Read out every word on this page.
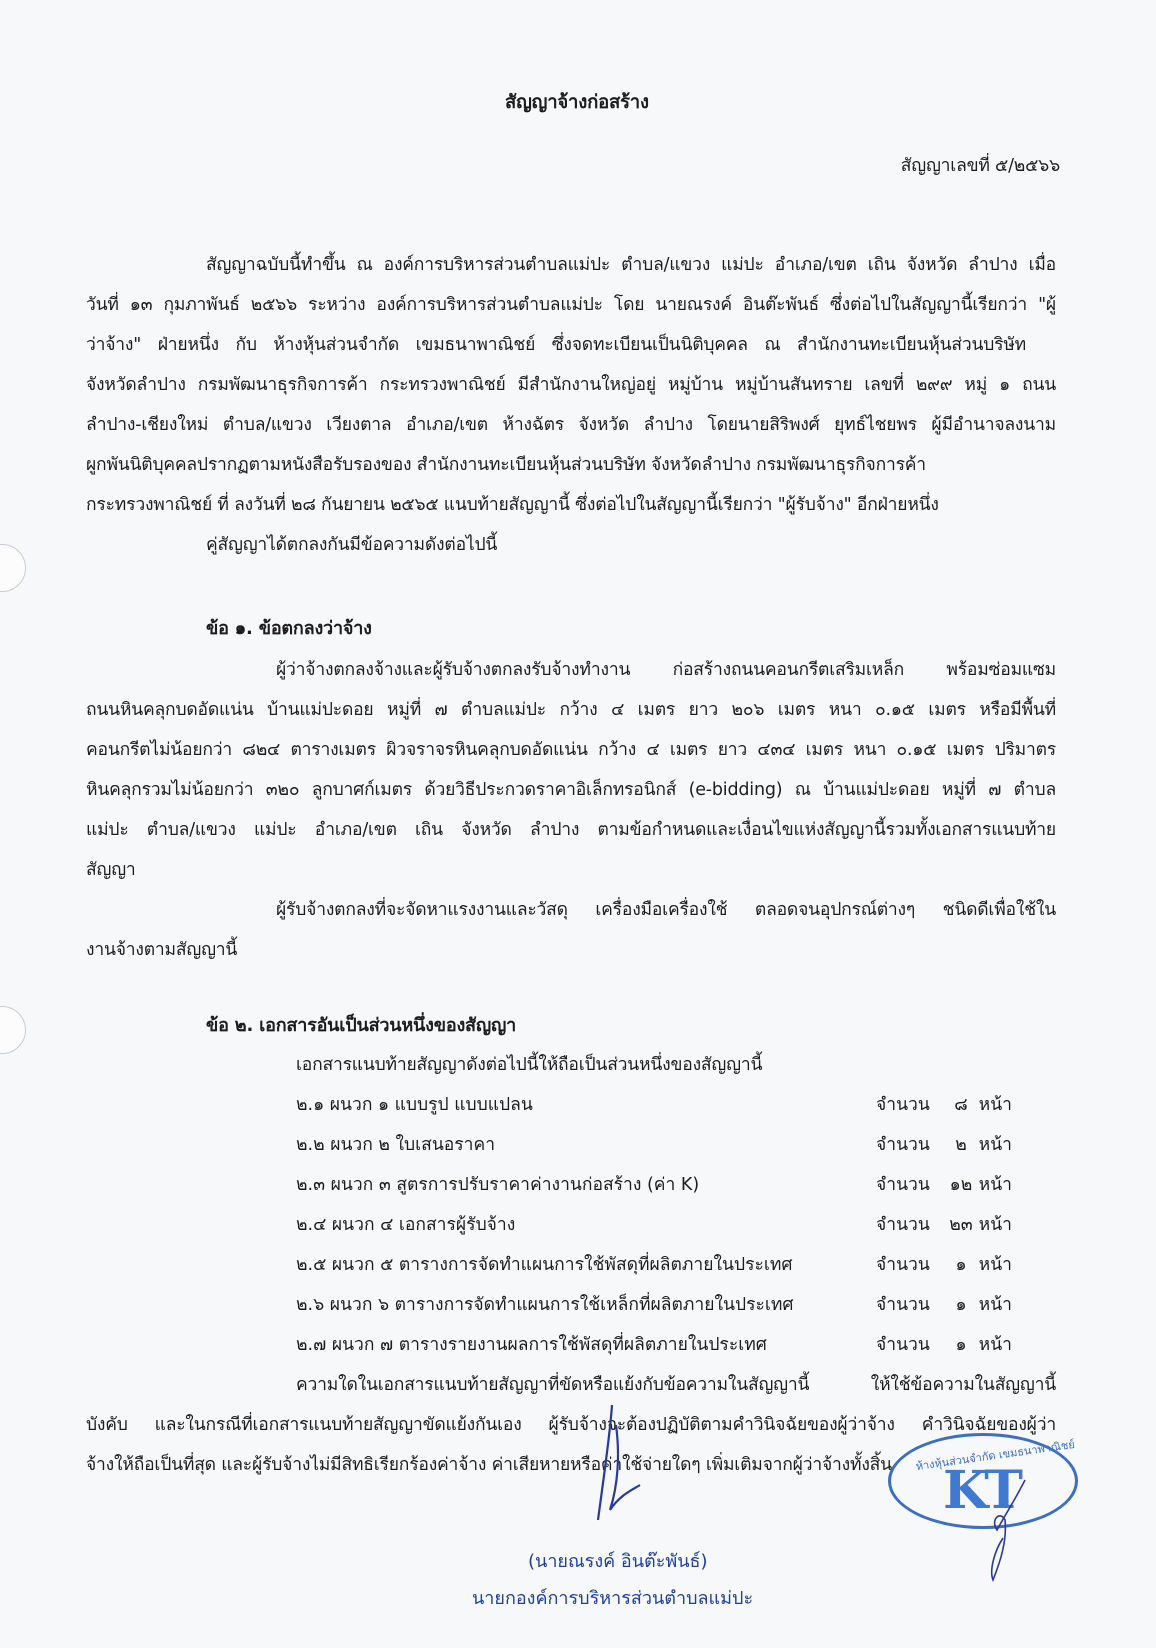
สัญญาจ้างก่อสร้าง
สัญญาเลขที่ ๕/๒๕๖๖
สัญญาฉบับนี้ทำขึ้น ณ องค์การบริหารส่วนตำบลแม่ปะ ตำบล/แขวง แม่ปะ อำเภอ/เขต เถิน จังหวัด ลำปาง เมื่อ
วันที่ ๑๓ กุมภาพันธ์ ๒๕๖๖ ระหว่าง องค์การบริหารส่วนตำบลแม่ปะ โดย นายณรงค์ อินต๊ะพันธ์ ซึ่งต่อไปในสัญญานี้เรียกว่า "ผู้
ว่าจ้าง" ฝ่ายหนึ่ง กับ ห้างหุ้นส่วนจำกัด เขมธนาพาณิชย์ ซึ่งจดทะเบียนเป็นนิติบุคคล ณ สำนักงานทะเบียนหุ้นส่วนบริษัท
จังหวัดลำปาง กรมพัฒนาธุรกิจการค้า กระทรวงพาณิชย์ มีสำนักงานใหญ่อยู่ หมู่บ้าน หมู่บ้านสันทราย เลขที่ ๒๙๙ หมู่ ๑ ถนน
ลำปาง-เชียงใหม่ ตำบล/แขวง เวียงตาล อำเภอ/เขต ห้างฉัตร จังหวัด ลำปาง โดยนายสิริพงศ์ ยุทธ์ไชยพร ผู้มีอำนาจลงนาม
ผูกพันนิติบุคคลปรากฏตามหนังสือรับรองของ สำนักงานทะเบียนหุ้นส่วนบริษัท จังหวัดลำปาง กรมพัฒนาธุรกิจการค้า
กระทรวงพาณิชย์ ที่ ลงวันที่ ๒๘ กันยายน ๒๕๖๕ แนบท้ายสัญญานี้ ซึ่งต่อไปในสัญญานี้เรียกว่า "ผู้รับจ้าง" อีกฝ่ายหนึ่ง
คู่สัญญาได้ตกลงกันมีข้อความดังต่อไปนี้
ข้อ ๑. ข้อตกลงว่าจ้าง
ผู้ว่าจ้างตกลงจ้างและผู้รับจ้างตกลงรับจ้างทำงาน ก่อสร้างถนนคอนกรีตเสริมเหล็ก พร้อมซ่อมแซม
ถนนหินคลุกบดอัดแน่น บ้านแม่ปะดอย หมู่ที่ ๗ ตำบลแม่ปะ กว้าง ๔ เมตร ยาว ๒๐๖ เมตร หนา ๐.๑๕ เมตร หรือมีพื้นที่
คอนกรีตไม่น้อยกว่า ๘๒๔ ตารางเมตร ผิวจราจรหินคลุกบดอัดแน่น กว้าง ๔ เมตร ยาว ๔๓๔ เมตร หนา ๐.๑๕ เมตร ปริมาตร
หินคลุกรวมไม่น้อยกว่า ๓๒๐ ลูกบาศก์เมตร ด้วยวิธีประกวดราคาอิเล็กทรอนิกส์ (e-bidding) ณ บ้านแม่ปะดอย หมู่ที่ ๗ ตำบล
แม่ปะ ตำบล/แขวง แม่ปะ อำเภอ/เขต เถิน จังหวัด ลำปาง ตามข้อกำหนดและเงื่อนไขแห่งสัญญานี้รวมทั้งเอกสารแนบท้าย
สัญญา
ผู้รับจ้างตกลงที่จะจัดหาแรงงานและวัสดุ เครื่องมือเครื่องใช้ ตลอดจนอุปกรณ์ต่างๆ ชนิดดีเพื่อใช้ใน
งานจ้างตามสัญญานี้
ข้อ ๒. เอกสารอันเป็นส่วนหนึ่งของสัญญา
เอกสารแนบท้ายสัญญาดังต่อไปนี้ให้ถือเป็นส่วนหนึ่งของสัญญานี้
๒.๑ ผนวก ๑ แบบรูป แบบแปลน	จำนวน	๘ หน้า
๒.๒ ผนวก ๒ ใบเสนอราคา	จำนวน	๒ หน้า
๒.๓ ผนวก ๓ สูตรการปรับราคาค่างานก่อสร้าง (ค่า K)	จำนวน	๑๒ หน้า
๒.๔ ผนวก ๔ เอกสารผู้รับจ้าง	จำนวน	๒๓ หน้า
๒.๕ ผนวก ๕ ตารางการจัดทำแผนการใช้พัสดุที่ผลิตภายในประเทศ	จำนวน	๑ หน้า
๒.๖ ผนวก ๖ ตารางการจัดทำแผนการใช้เหล็กที่ผลิตภายในประเทศ	จำนวน	๑ หน้า
๒.๗ ผนวก ๗ ตารางรายงานผลการใช้พัสดุที่ผลิตภายในประเทศ	จำนวน	๑ หน้า
ความใดในเอกสารแนบท้ายสัญญาที่ขัดหรือแย้งกับข้อความในสัญญานี้ ให้ใช้ข้อความในสัญญานี้
บังคับ และในกรณีที่เอกสารแนบท้ายสัญญาขัดแย้งกันเอง ผู้รับจ้างจะต้องปฏิบัติตามคำวินิจฉัยของผู้ว่าจ้าง คำวินิจฉัยของผู้ว่า
จ้างให้ถือเป็นที่สุด และผู้รับจ้างไม่มีสิทธิเรียกร้องค่าจ้าง ค่าเสียหายหรือค่าใช้จ่ายใดๆ เพิ่มเติมจากผู้ว่าจ้างทั้งสิ้น
(นายณรงค์ อินต๊ะพันธ์)
นายกองค์การบริหารส่วนตำบลแม่ปะ
ห้างหุ้นส่วนจำกัด เขมธนาพาณิชย์
KT
